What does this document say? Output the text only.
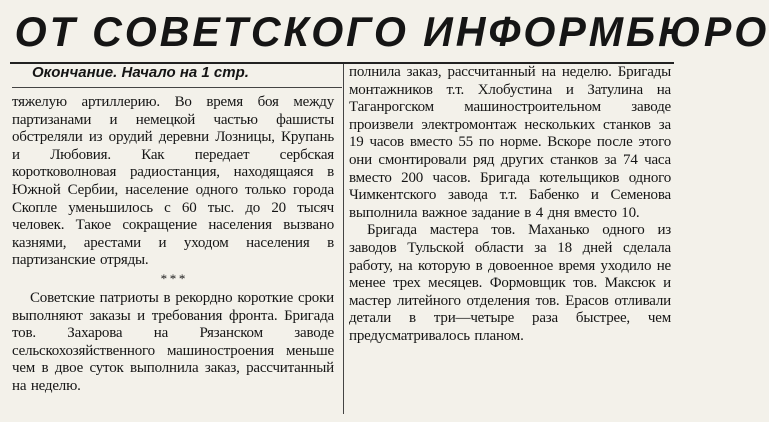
ОТ СОВЕТСКОГО ИНФОРМБЮРО
Окончание. Начало на 1 стр.

тяжелую артиллерию. Во время боя между партизанами и немецкой частью фашисты обстреляли из орудий деревни Лозницы, Крупань и Любовия. Как передает сербская коротковолновая радиостанция, находящаяся в Южной Сербии, население одного только города Скопле уменьшилось с 60 тыс. до 20 тысяч человек. Такое сокращение населения вызвано казнями, арестами и уходом населения в партизанские отряды.

* * *

Советские патриоты в рекордно короткие сроки выполняют заказы и требования фронта. Бригада тов. Захарова на Рязанском заводе сельскохозяйственного машиностроения меньше чем в двое суток выполнила заказ, рассчитанный на неделю.

полнила заказ, рассчитанный на неделю. Бригады монтажников т.т. Хлобустина и Затулина на Таганрогском машиностроительном заводе произвели электромонтаж нескольких станков за 19 часов вместо 55 по норме. Вскоре после этого они смонтировали ряд других станков за 74 часа вместо 200 часов. Бригада котельщиков одного Чимкентского завода т.т. Бабенко и Семенова выполнила важное задание в 4 дня вместо 10.

Бригада мастера тов. Маханько одного из заводов Тульской области за 18 дней сделала работу, на которую в довоенное время уходило не менее трех месяцев. Формовщик тов. Максюк и мастер литейного отделения тов. Ерасов отливали детали в три—четыре раза быстрее, чем предусматривалось планом.
